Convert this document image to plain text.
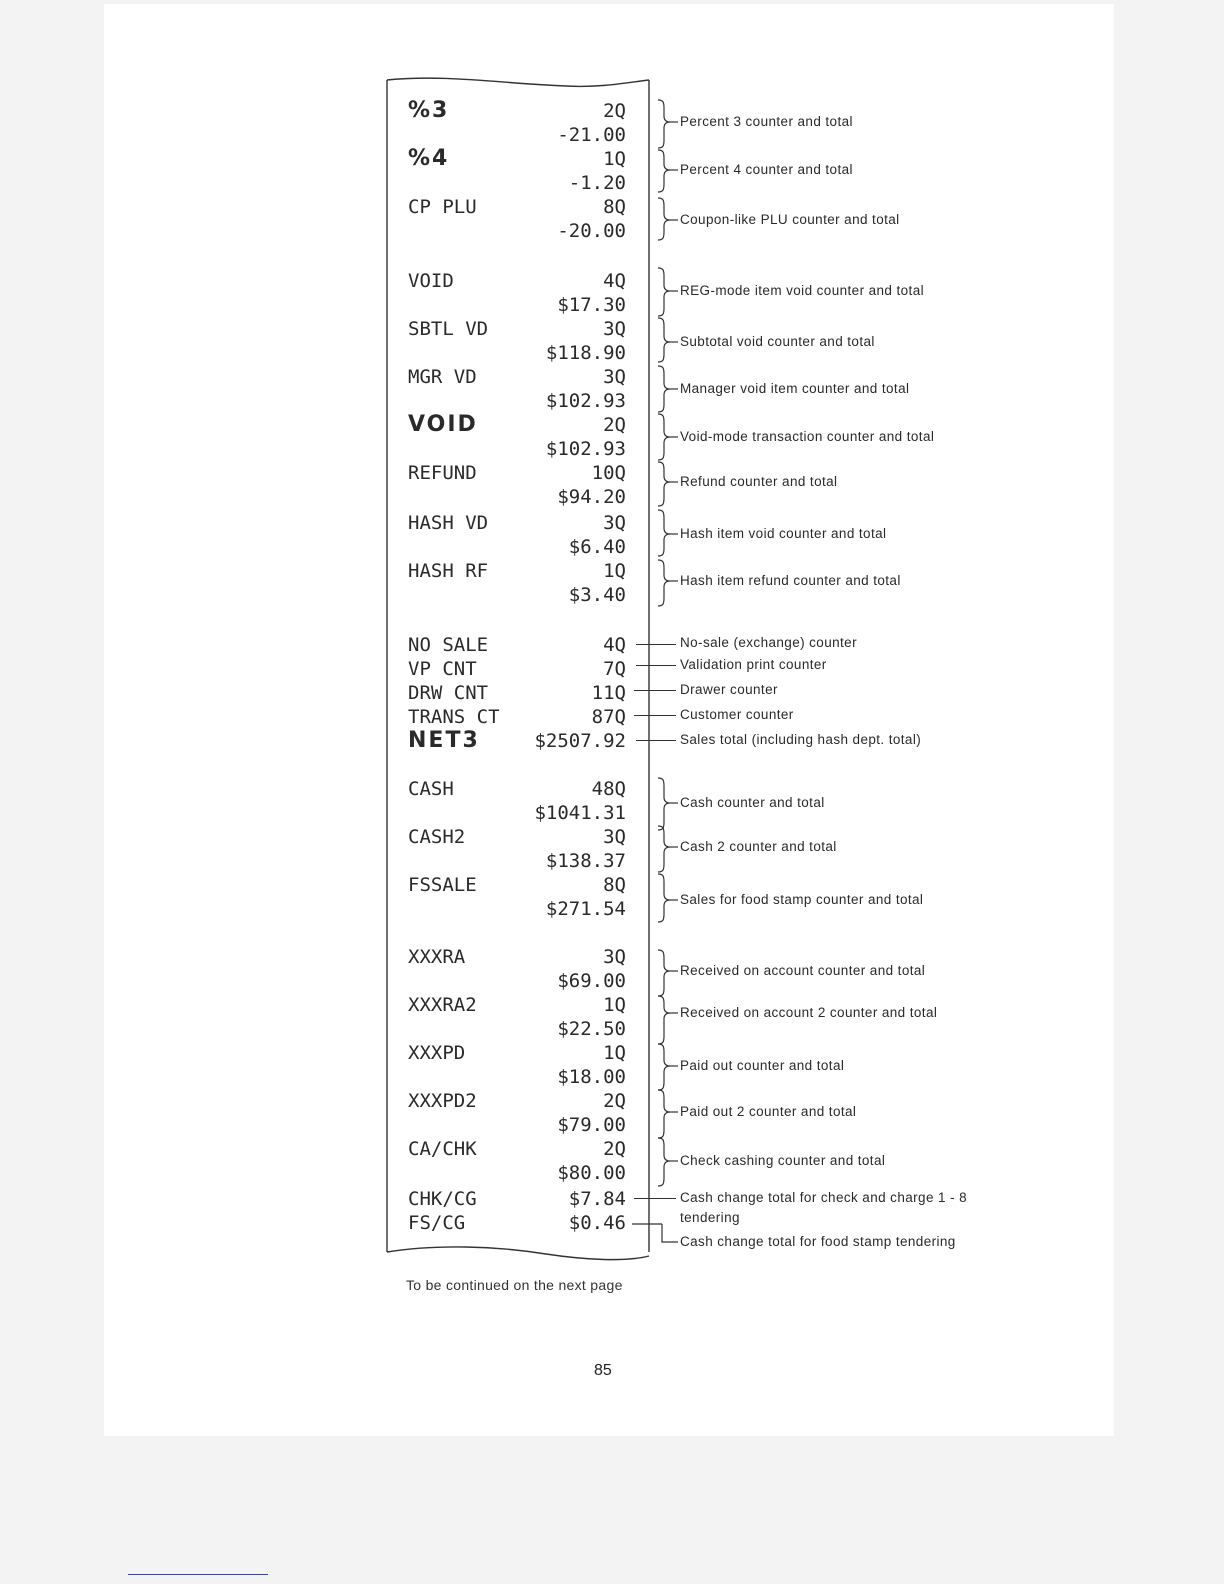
%3	2Q
-21.00
%4	1Q
-1.20
CP PLU	8Q
-20.00
VOID	4Q
$17.30
SBTL VD	3Q
$118.90
MGR VD	3Q
$102.93
VOID	2Q
$102.93
REFUND	10Q
$94.20
HASH VD	3Q
$6.40
HASH RF	1Q
$3.40
NO SALE	4Q
VP CNT	7Q
DRW CNT	11Q
TRANS CT	87Q
NET3	$2507.92
CASH	48Q
$1041.31
CASH2	3Q
$138.37
FSSALE	8Q
$271.54
XXXRA	3Q
$69.00
XXXRA2	1Q
$22.50
XXXPD	1Q
$18.00
XXXPD2	2Q
$79.00
CA/CHK	2Q
$80.00
CHK/CG	$7.84
FS/CG	$0.46
Percent 3 counter and total
Percent 4 counter and total
Coupon-like PLU counter and total
REG-mode item void counter and total
Subtotal void counter and total
Manager void item counter and total
Void-mode transaction counter and total
Refund counter and total
Hash item void counter and total
Hash item refund counter and total
No-sale (exchange) counter
Validation print counter
Drawer counter
Customer counter
Sales total (including hash dept. total)
Cash counter and total
Cash 2 counter and total
Sales for food stamp counter and total
Received on account counter and total
Received on account 2 counter and total
Paid out counter and total
Paid out 2 counter and total
Check cashing counter and total
Cash change total for check and charge 1 - 8
tendering
Cash change total for food stamp tendering
To be continued on the next page
85
